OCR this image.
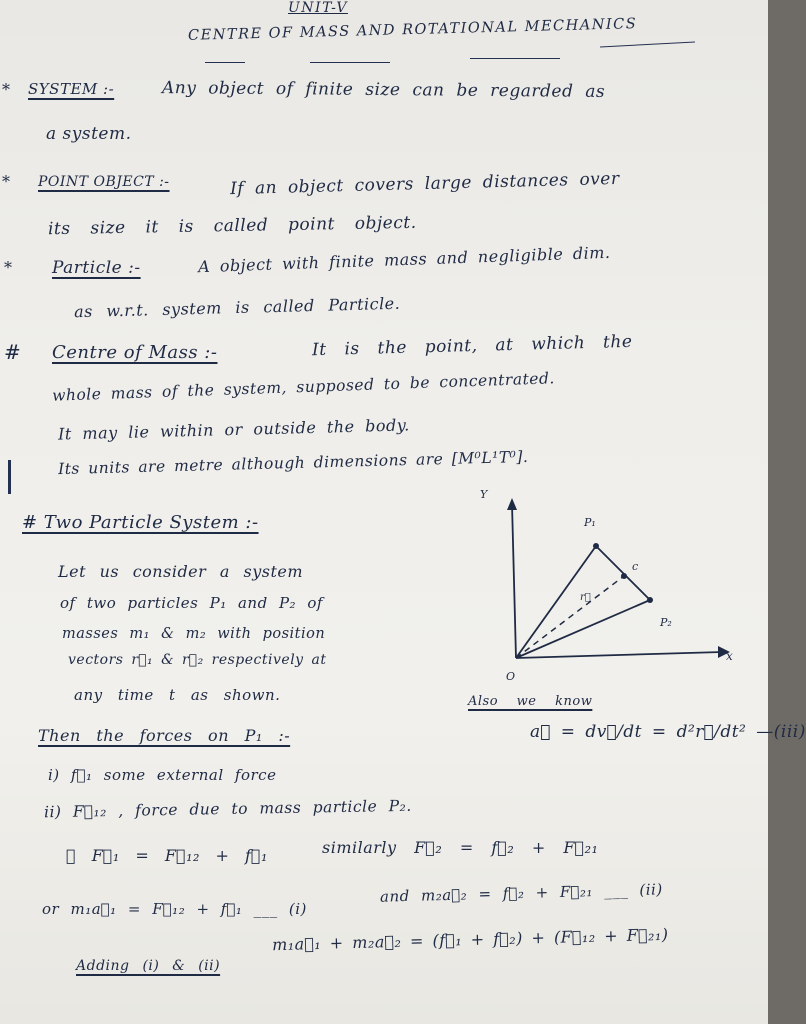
UNIT-V
CENTRE OF MASS AND ROTATIONAL MECHANICS
* SYSTEM :-	Any object of finite size can be regarded as
a system.
* POINT OBJECT :-	If an object covers large distances over
its size it is called point object.
* Particle :-	A object with finite mass and negligible dim.
as w.r.t. system is called Particle.
# Centre of Mass :-	It is the point, at which the
whole mass of the system, supposed to be concentrated.
It may lie within or outside the body.
Its units are metre although dimensions are [M⁰L¹T⁰].
# Two Particle System :-
Let us consider a system
of two particles P₁ and P₂ of
masses m₁ & m₂ with position
vectors r⃗₁ & r⃗₂ respectively at
any time t as shown.
Y
x
O
P₁
c
P₂
r⃗
Also we know
a⃗ = dv⃗/dt = d²r⃗/dt² —(iii)
Then the forces on P₁ :-
i) f⃗₁ some external force
ii) F⃗₁₂ , force due to mass particle P₂.
∴ F⃗₁ = F⃗₁₂ + f⃗₁	similarly F⃗₂ = f⃗₂ + F⃗₂₁
or m₁a⃗₁ = F⃗₁₂ + f⃗₁ ___ (i)
and m₂a⃗₂ = f⃗₂ + F⃗₂₁ ___ (ii)
Adding (i) & (ii)
m₁a⃗₁ + m₂a⃗₂ = (f⃗₁ + f⃗₂) + (F⃗₁₂ + F⃗₂₁)
